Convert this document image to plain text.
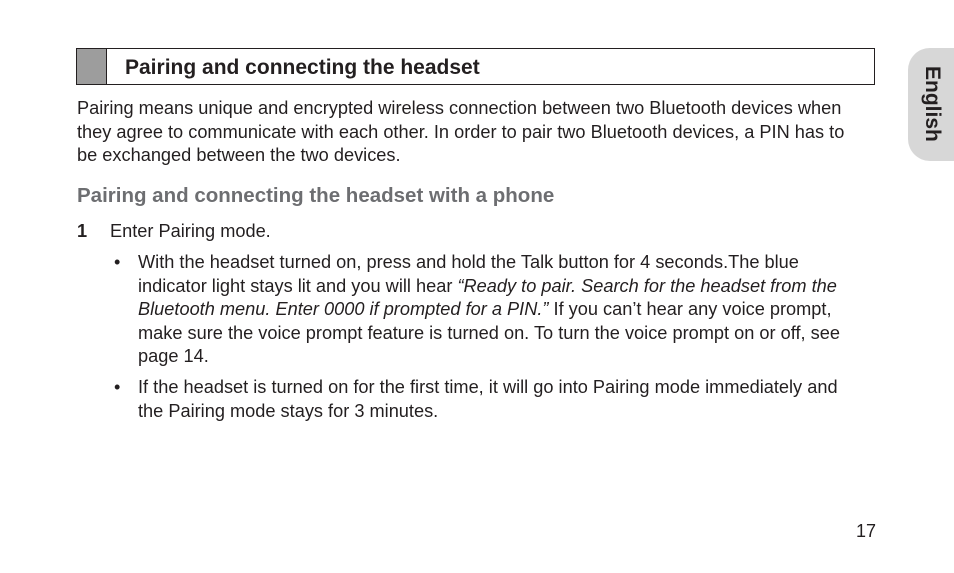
Pairing and connecting the headset

Pairing means unique and encrypted wireless connection between two Bluetooth devices when they agree to communicate with each other. In order to pair two Bluetooth devices, a PIN has to be exchanged between the two devices.

Pairing and connecting the headset with a phone
1 Enter Pairing mode.
• With the headset turned on, press and hold the Talk button for 4 seconds.The blue indicator light stays lit and you will hear “Ready to pair. Search for the headset from the Bluetooth menu. Enter 0000 if prompted for a PIN.” If you can’t hear any voice prompt, make sure the voice prompt feature is turned on. To turn the voice prompt on or off, see page 14.
• If the headset is turned on for the first time, it will go into Pairing mode immediately and the Pairing mode stays for 3 minutes.
English
17
